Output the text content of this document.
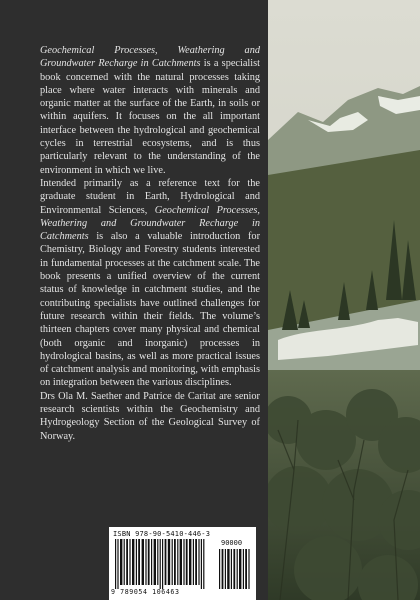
Geochemical Processes, Weathering and Groundwater Recharge in Catchments is a specialist book concerned with the natural processes taking place where water interacts with minerals and organic matter at the surface of the Earth, in soils or within aquifers. It focuses on the all important interface between the hydrological and geochemical cycles in terrestrial ecosystems, and is thus particularly relevant to the understanding of the environment in which we live.

Intended primarily as a reference text for the graduate student in Earth, Hydrological and Environmental Sciences, Geochemical Processes, Weathering and Groundwater Recharge in Catchments is also a valuable introduction for Chemistry, Biology and Forestry students interested in fundamental processes at the catchment scale. The book presents a unified overview of the current status of knowledge in catchment studies, and the contributing specialists have outlined challenges for future research within their fields. The volume’s thirteen chapters cover many physical and chemical (both organic and inorganic) processes in hydrological basins, as well as more practical issues of catchment analysis and monitoring, with emphasis on integration between the various disciplines.

Drs Ola M. Saether and Patrice de Caritat are senior research scientists within the Geochemistry and Hydrogeology Section of the Geological Survey of Norway.

ISBN 978-90-5410-446-3
90000
9 789054 106463
